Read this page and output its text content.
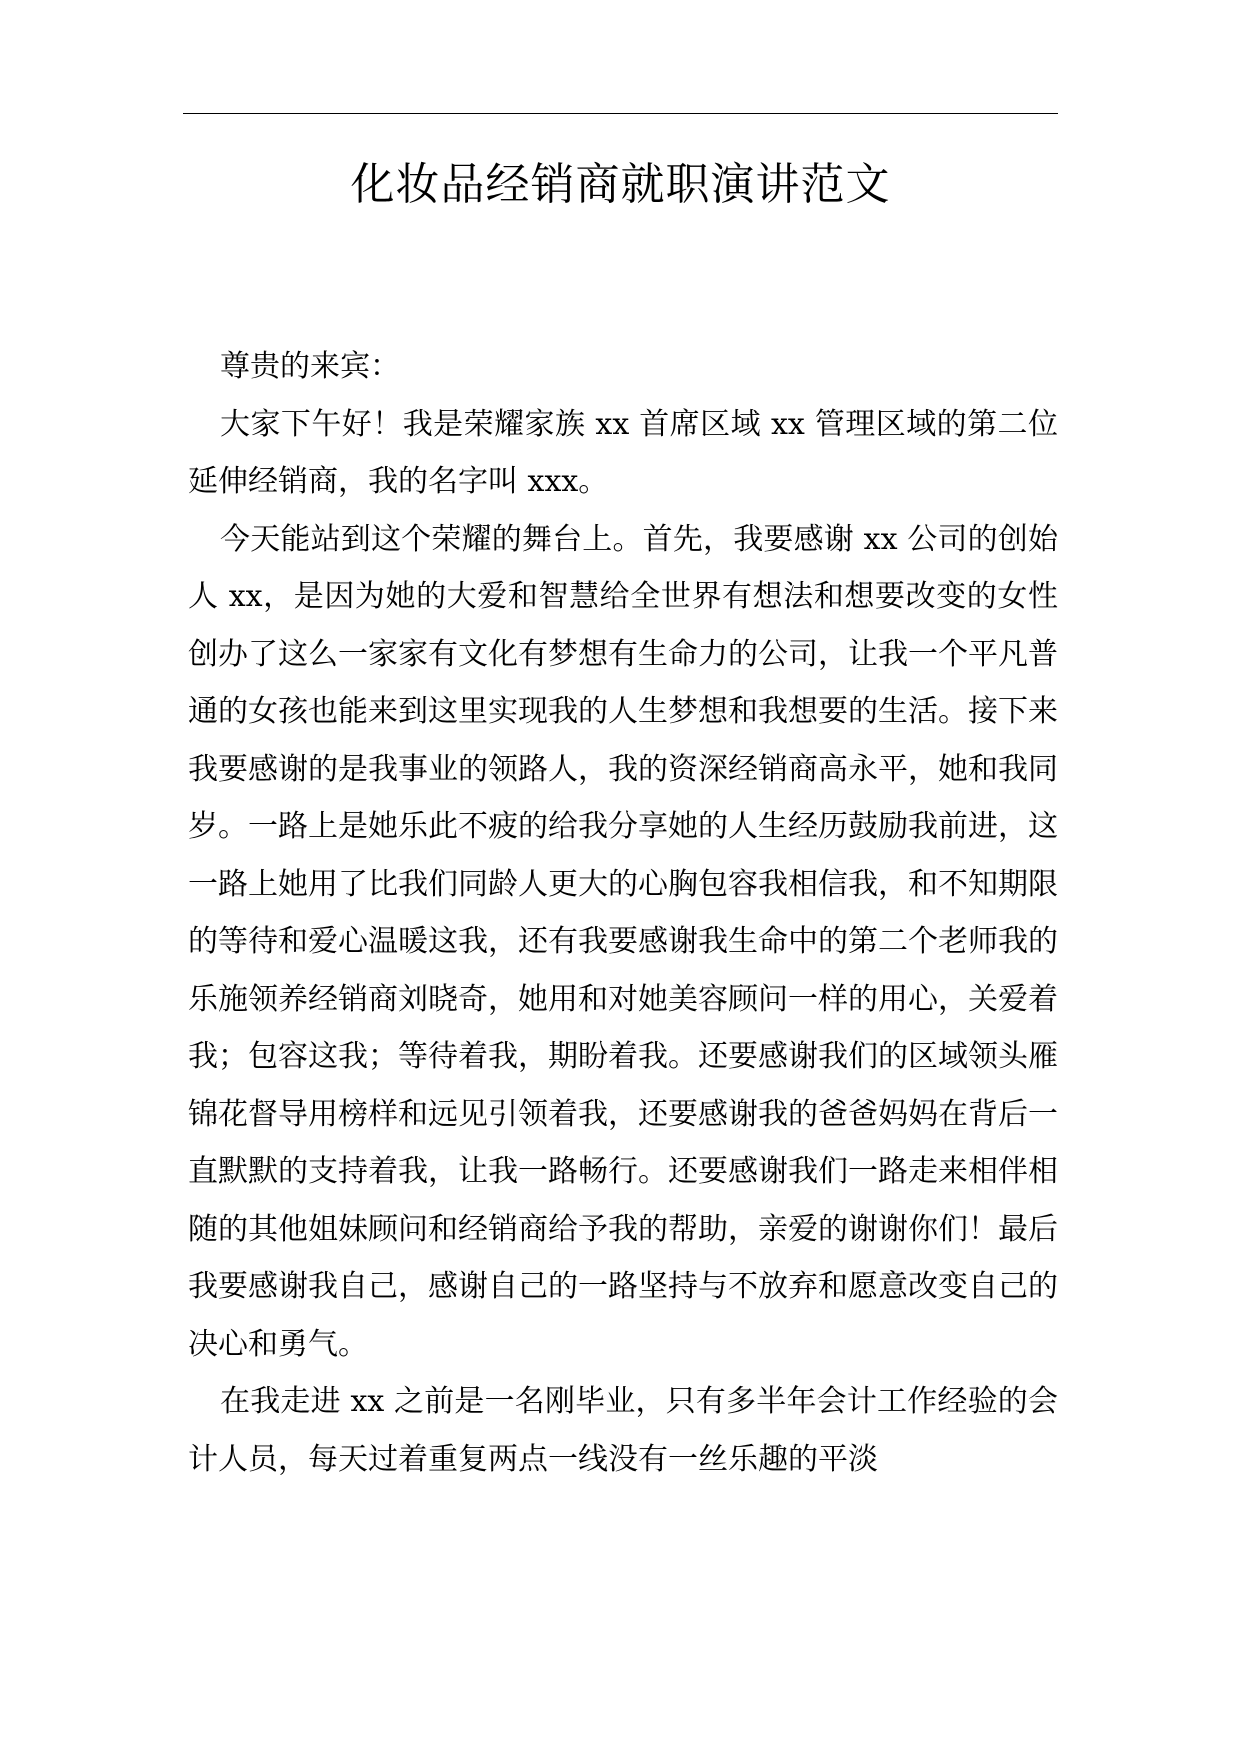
化妆品经销商就职演讲范文

尊贵的来宾：

大家下午好！我是荣耀家族 xx 首席区域 xx 管理区域的第二位延伸经销商，我的名字叫 xxx。

今天能站到这个荣耀的舞台上。首先，我要感谢 xx 公司的创始人 xx，是因为她的大爱和智慧给全世界有想法和想要改变的女性创办了这么一家家有文化有梦想有生命力的公司，让我一个平凡普通的女孩也能来到这里实现我的人生梦想和我想要的生活。接下来我要感谢的是我事业的领路人，我的资深经销商高永平，她和我同岁。一路上是她乐此不疲的给我分享她的人生经历鼓励我前进，这一路上她用了比我们同龄人更大的心胸包容我相信我，和不知期限的等待和爱心温暖这我，还有我要感谢我生命中的第二个老师我的乐施领养经销商刘晓奇，她用和对她美容顾问一样的用心，关爱着我；包容这我；等待着我，期盼着我。还要感谢我们的区域领头雁锦花督导用榜样和远见引领着我，还要感谢我的爸爸妈妈在背后一直默默的支持着我，让我一路畅行。还要感谢我们一路走来相伴相随的其他姐妹顾问和经销商给予我的帮助，亲爱的谢谢你们！最后我要感谢我自己，感谢自己的一路坚持与不放弃和愿意改变自己的决心和勇气。

在我走进 xx 之前是一名刚毕业，只有多半年会计工作经验的会计人员，每天过着重复两点一线没有一丝乐趣的平淡
